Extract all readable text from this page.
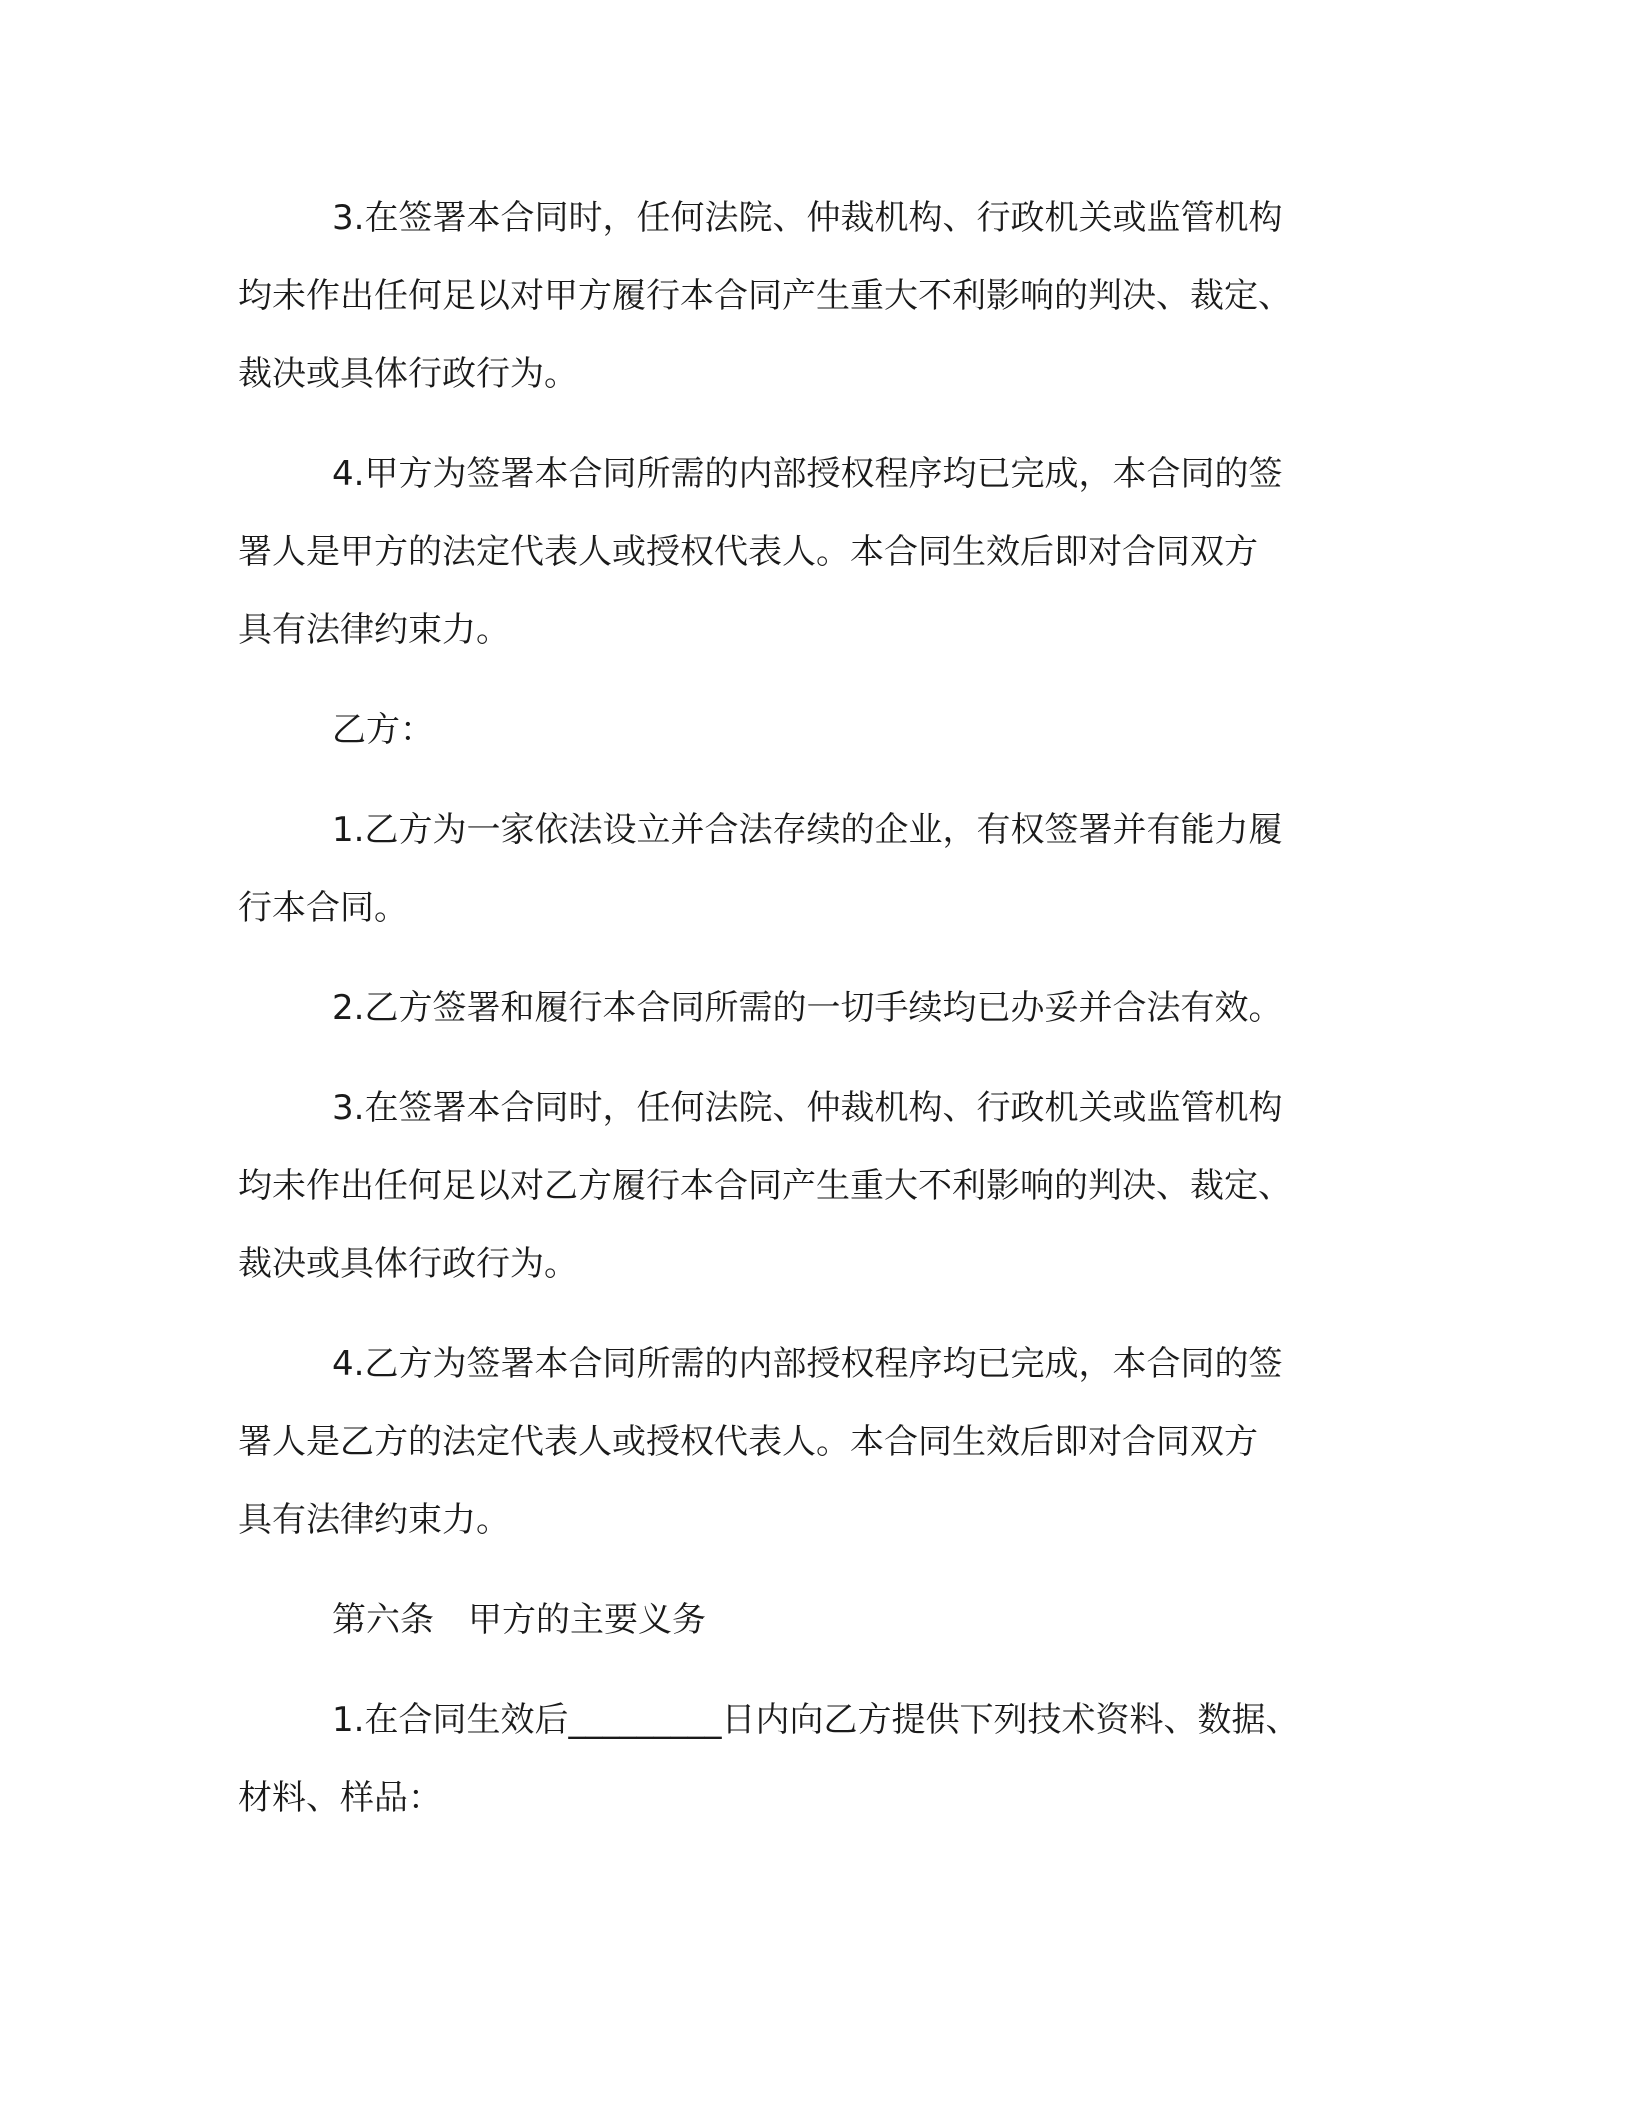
3.在签署本合同时，任何法院、仲裁机构、行政机关或监管机构

均未作出任何足以对甲方履行本合同产生重大不利影响的判决、裁定、

裁决或具体行政行为。

4.甲方为签署本合同所需的内部授权程序均已完成，本合同的签

署人是甲方的法定代表人或授权代表人。本合同生效后即对合同双方

具有法律约束力。

乙方：

1.乙方为一家依法设立并合法存续的企业，有权签署并有能力履

行本合同。

2.乙方签署和履行本合同所需的一切手续均已办妥并合法有效。

3.在签署本合同时，任何法院、仲裁机构、行政机关或监管机构

均未作出任何足以对乙方履行本合同产生重大不利影响的判决、裁定、

裁决或具体行政行为。

4.乙方为签署本合同所需的内部授权程序均已完成，本合同的签

署人是乙方的法定代表人或授权代表人。本合同生效后即对合同双方

具有法律约束力。

第六条　甲方的主要义务

1.在合同生效后_________日内向乙方提供下列技术资料、数据、

材料、样品：
